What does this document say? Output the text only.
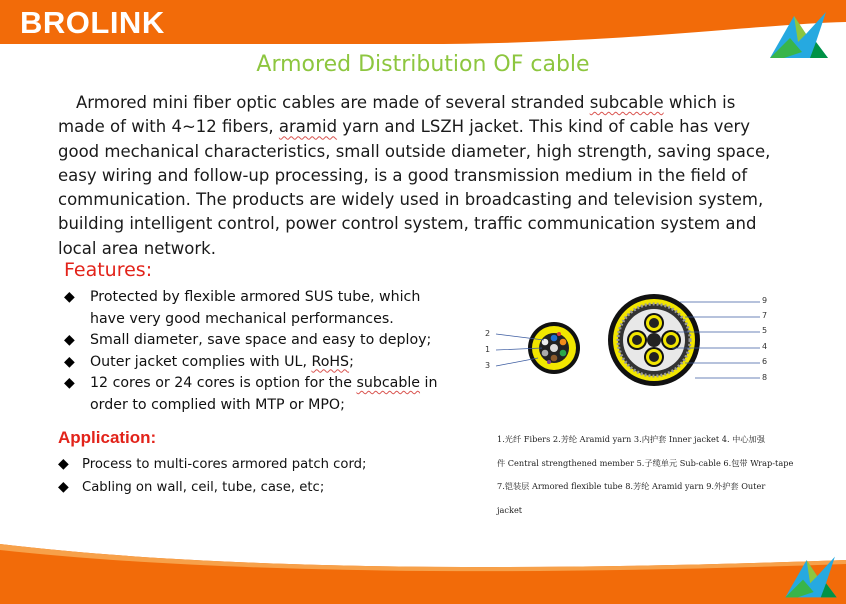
BROLINK
Armored Distribution OF cable

Armored mini fiber optic cables are made of several stranded subcable which is made of with 4~12 fibers, aramid yarn and LSZH jacket. This kind of cable has very good mechanical characteristics, small outside diameter, high strength, saving space, easy wiring and follow-up processing, is a good transmission medium in the field of communication. The products are widely used in broadcasting and television system, building intelligent control, power control system, traffic communication system and local area network.

Features:
◆ Protected by flexible armored SUS tube, which
have very good mechanical performances.
◆ Small diameter, save space and easy to deploy;
◆ Outer jacket complies with UL, RoHS;
◆ 12 cores or 24 cores is option for the subcable in
order to complied with MTP or MPO;
Application:
◆ Process to multi-cores armored patch cord;
◆ Cabling on wall, ceil, tube, case, etc;
2
1
3
9
7
5
4
6
8
1.光纤 Fibers 2.芳纶 Aramid yarn 3.内护套 Inner jacket 4. 中心加强
件 Central strengthened member 5.子缆单元 Sub-cable 6.包带 Wrap-tape
7.铠装层 Armored flexible tube 8.芳纶 Aramid yarn 9.外护套 Outer
jacket
